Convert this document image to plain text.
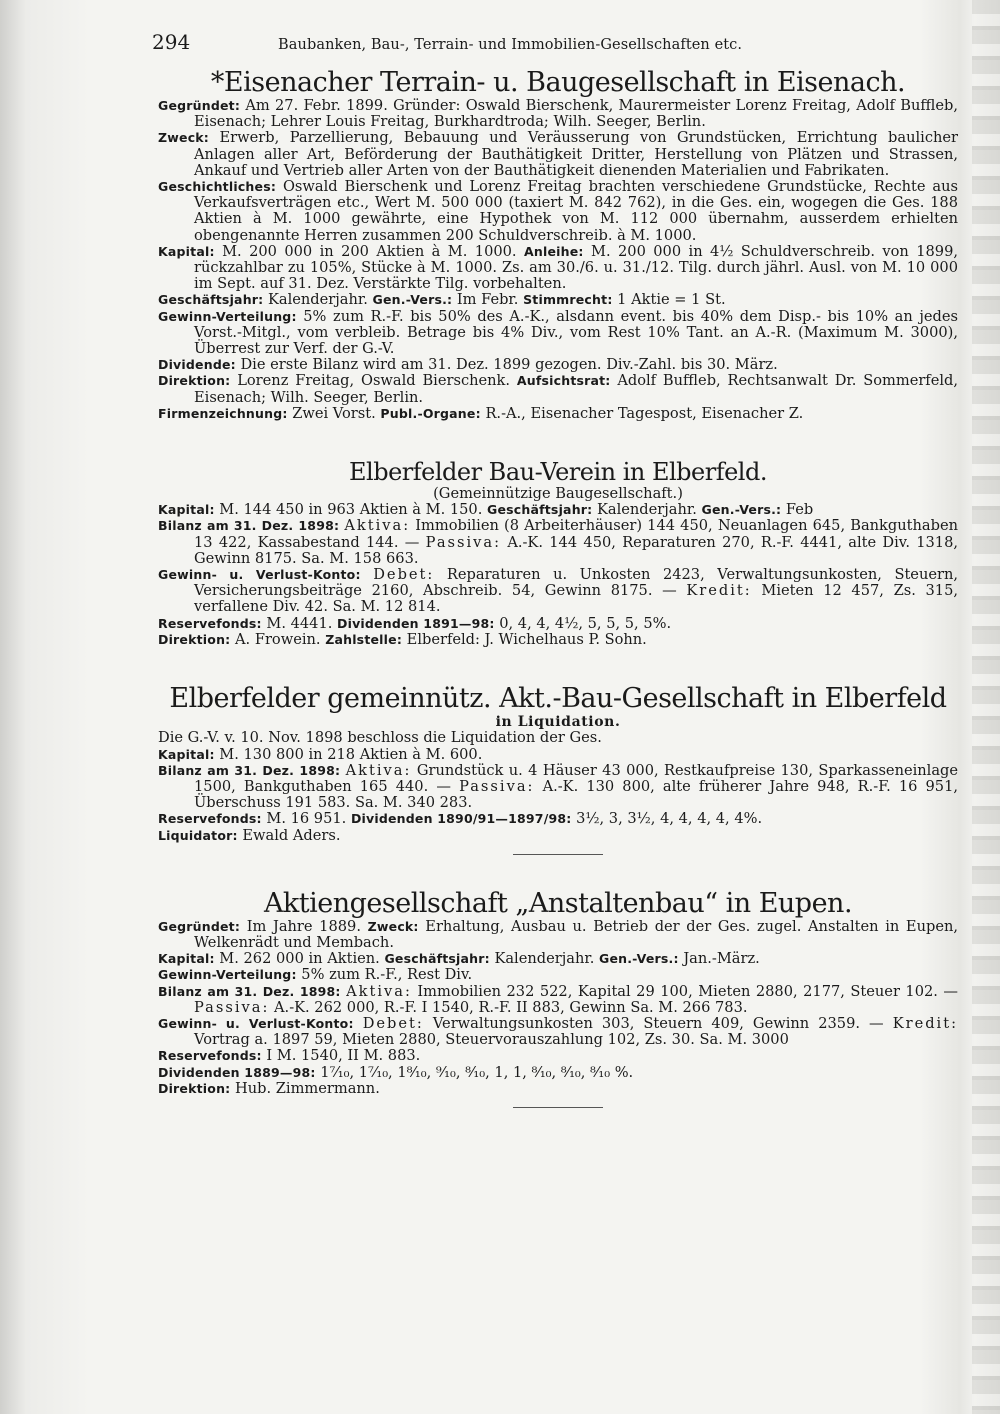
294	Baubanken, Bau-, Terrain- und Immobilien-Gesellschaften etc.
*Eisenacher Terrain- u. Baugesellschaft in Eisenach.

Gegründet: Am 27. Febr. 1899. Gründer: Oswald Bierschenk, Maurermeister Lorenz Freitag, Adolf Buffleb, Eisenach; Lehrer Louis Freitag, Burkhardtroda; Wilh. Seeger, Berlin.

Zweck: Erwerb, Parzellierung, Bebauung und Veräusserung von Grundstücken, Errichtung baulicher Anlagen aller Art, Beförderung der Bauthätigkeit Dritter, Herstellung von Plätzen und Strassen, Ankauf und Vertrieb aller Arten von der Bauthätigkeit dienenden Materialien und Fabrikaten.

Geschichtliches: Oswald Bierschenk und Lorenz Freitag brachten verschiedene Grundstücke, Rechte aus Verkaufsverträgen etc., Wert M. 500 000 (taxiert M. 842 762), in die Ges. ein, wogegen die Ges. 188 Aktien à M. 1000 gewährte, eine Hypothek von M. 112 000 übernahm, ausserdem erhielten obengenannte Herren zusammen 200 Schuldverschreib. à M. 1000.

Kapital: M. 200 000 in 200 Aktien à M. 1000. Anleihe: M. 200 000 in 4½ Schuldverschreib. von 1899, rückzahlbar zu 105%, Stücke à M. 1000. Zs. am 30./6. u. 31./12. Tilg. durch jährl. Ausl. von M. 10 000 im Sept. auf 31. Dez. Verstärkte Tilg. vorbehalten.

Geschäftsjahr: Kalenderjahr. Gen.-Vers.: Im Febr. Stimmrecht: 1 Aktie = 1 St.

Gewinn-Verteilung: 5% zum R.-F. bis 50% des A.-K., alsdann event. bis 40% dem Disp.- bis 10% an jedes Vorst.-Mitgl., vom verbleib. Betrage bis 4% Div., vom Rest 10% Tant. an A.-R. (Maximum M. 3000), Überrest zur Verf. der G.-V.

Dividende: Die erste Bilanz wird am 31. Dez. 1899 gezogen. Div.-Zahl. bis 30. März.

Direktion: Lorenz Freitag, Oswald Bierschenk. Aufsichtsrat: Adolf Buffleb, Rechtsanwalt Dr. Sommerfeld, Eisenach; Wilh. Seeger, Berlin.

Firmenzeichnung: Zwei Vorst. Publ.-Organe: R.-A., Eisenacher Tagespost, Eisenacher Z.

Elberfelder Bau-Verein in Elberfeld.
(Gemeinnützige Baugesellschaft.)

Kapital: M. 144 450 in 963 Aktien à M. 150. Geschäftsjahr: Kalenderjahr. Gen.-Vers.: Feb

Bilanz am 31. Dez. 1898: Aktiva: Immobilien (8 Arbeiterhäuser) 144 450, Neuanlagen 645, Bankguthaben 13 422, Kassabestand 144. — Passiva: A.-K. 144 450, Reparaturen 270, R.-F. 4441, alte Div. 1318, Gewinn 8175. Sa. M. 158 663.

Gewinn- u. Verlust-Konto: Debet: Reparaturen u. Unkosten 2423, Verwaltungsunkosten, Steuern, Versicherungsbeiträge 2160, Abschreib. 54, Gewinn 8175. — Kredit: Mieten 12 457, Zs. 315, verfallene Div. 42. Sa. M. 12 814.

Reservefonds: M. 4441. Dividenden 1891—98: 0, 4, 4, 4½, 5, 5, 5, 5%.

Direktion: A. Frowein. Zahlstelle: Elberfeld: J. Wichelhaus P. Sohn.

Elberfelder gemeinnütz. Akt.-Bau-Gesellschaft in Elberfeld
in Liquidation.

Die G.-V. v. 10. Nov. 1898 beschloss die Liquidation der Ges.

Kapital: M. 130 800 in 218 Aktien à M. 600.

Bilanz am 31. Dez. 1898: Aktiva: Grundstück u. 4 Häuser 43 000, Restkaufpreise 130, Sparkasseneinlage 1500, Bankguthaben 165 440. — Passiva: A.-K. 130 800, alte früherer Jahre 948, R.-F. 16 951, Überschuss 191 583. Sa. M. 340 283.

Reservefonds: M. 16 951. Dividenden 1890/91—1897/98: 3½, 3, 3½, 4, 4, 4, 4, 4%.

Liquidator: Ewald Aders.

Aktiengesellschaft „Anstaltenbau“ in Eupen.

Gegründet: Im Jahre 1889. Zweck: Erhaltung, Ausbau u. Betrieb der der Ges. zugel. Anstalten in Eupen, Welkenrädt und Membach.

Kapital: M. 262 000 in Aktien. Geschäftsjahr: Kalenderjahr. Gen.-Vers.: Jan.-März.

Gewinn-Verteilung: 5% zum R.-F., Rest Div.

Bilanz am 31. Dez. 1898: Aktiva: Immobilien 232 522, Kapital 29 100, Mieten 2880, 2177, Steuer 102. — Passiva: A.-K. 262 000, R.-F. I 1540, R.-F. II 883, Gewinn Sa. M. 266 783.

Gewinn- u. Verlust-Konto: Debet: Verwaltungsunkosten 303, Steuern 409, Gewinn 2359. — Kredit: Vortrag a. 1897 59, Mieten 2880, Steuervorauszahlung 102, Zs. 30. Sa. M. 3000

Reservefonds: I M. 1540, II M. 883.

Dividenden 1889—98: 1⁷⁄₁₀, 1⁷⁄₁₀, 1⁸⁄₁₀, ⁹⁄₁₀, ⁸⁄₁₀, 1, 1, ⁸⁄₁₀, ⁸⁄₁₀, ⁸⁄₁₀ %.

Direktion: Hub. Zimmermann.
